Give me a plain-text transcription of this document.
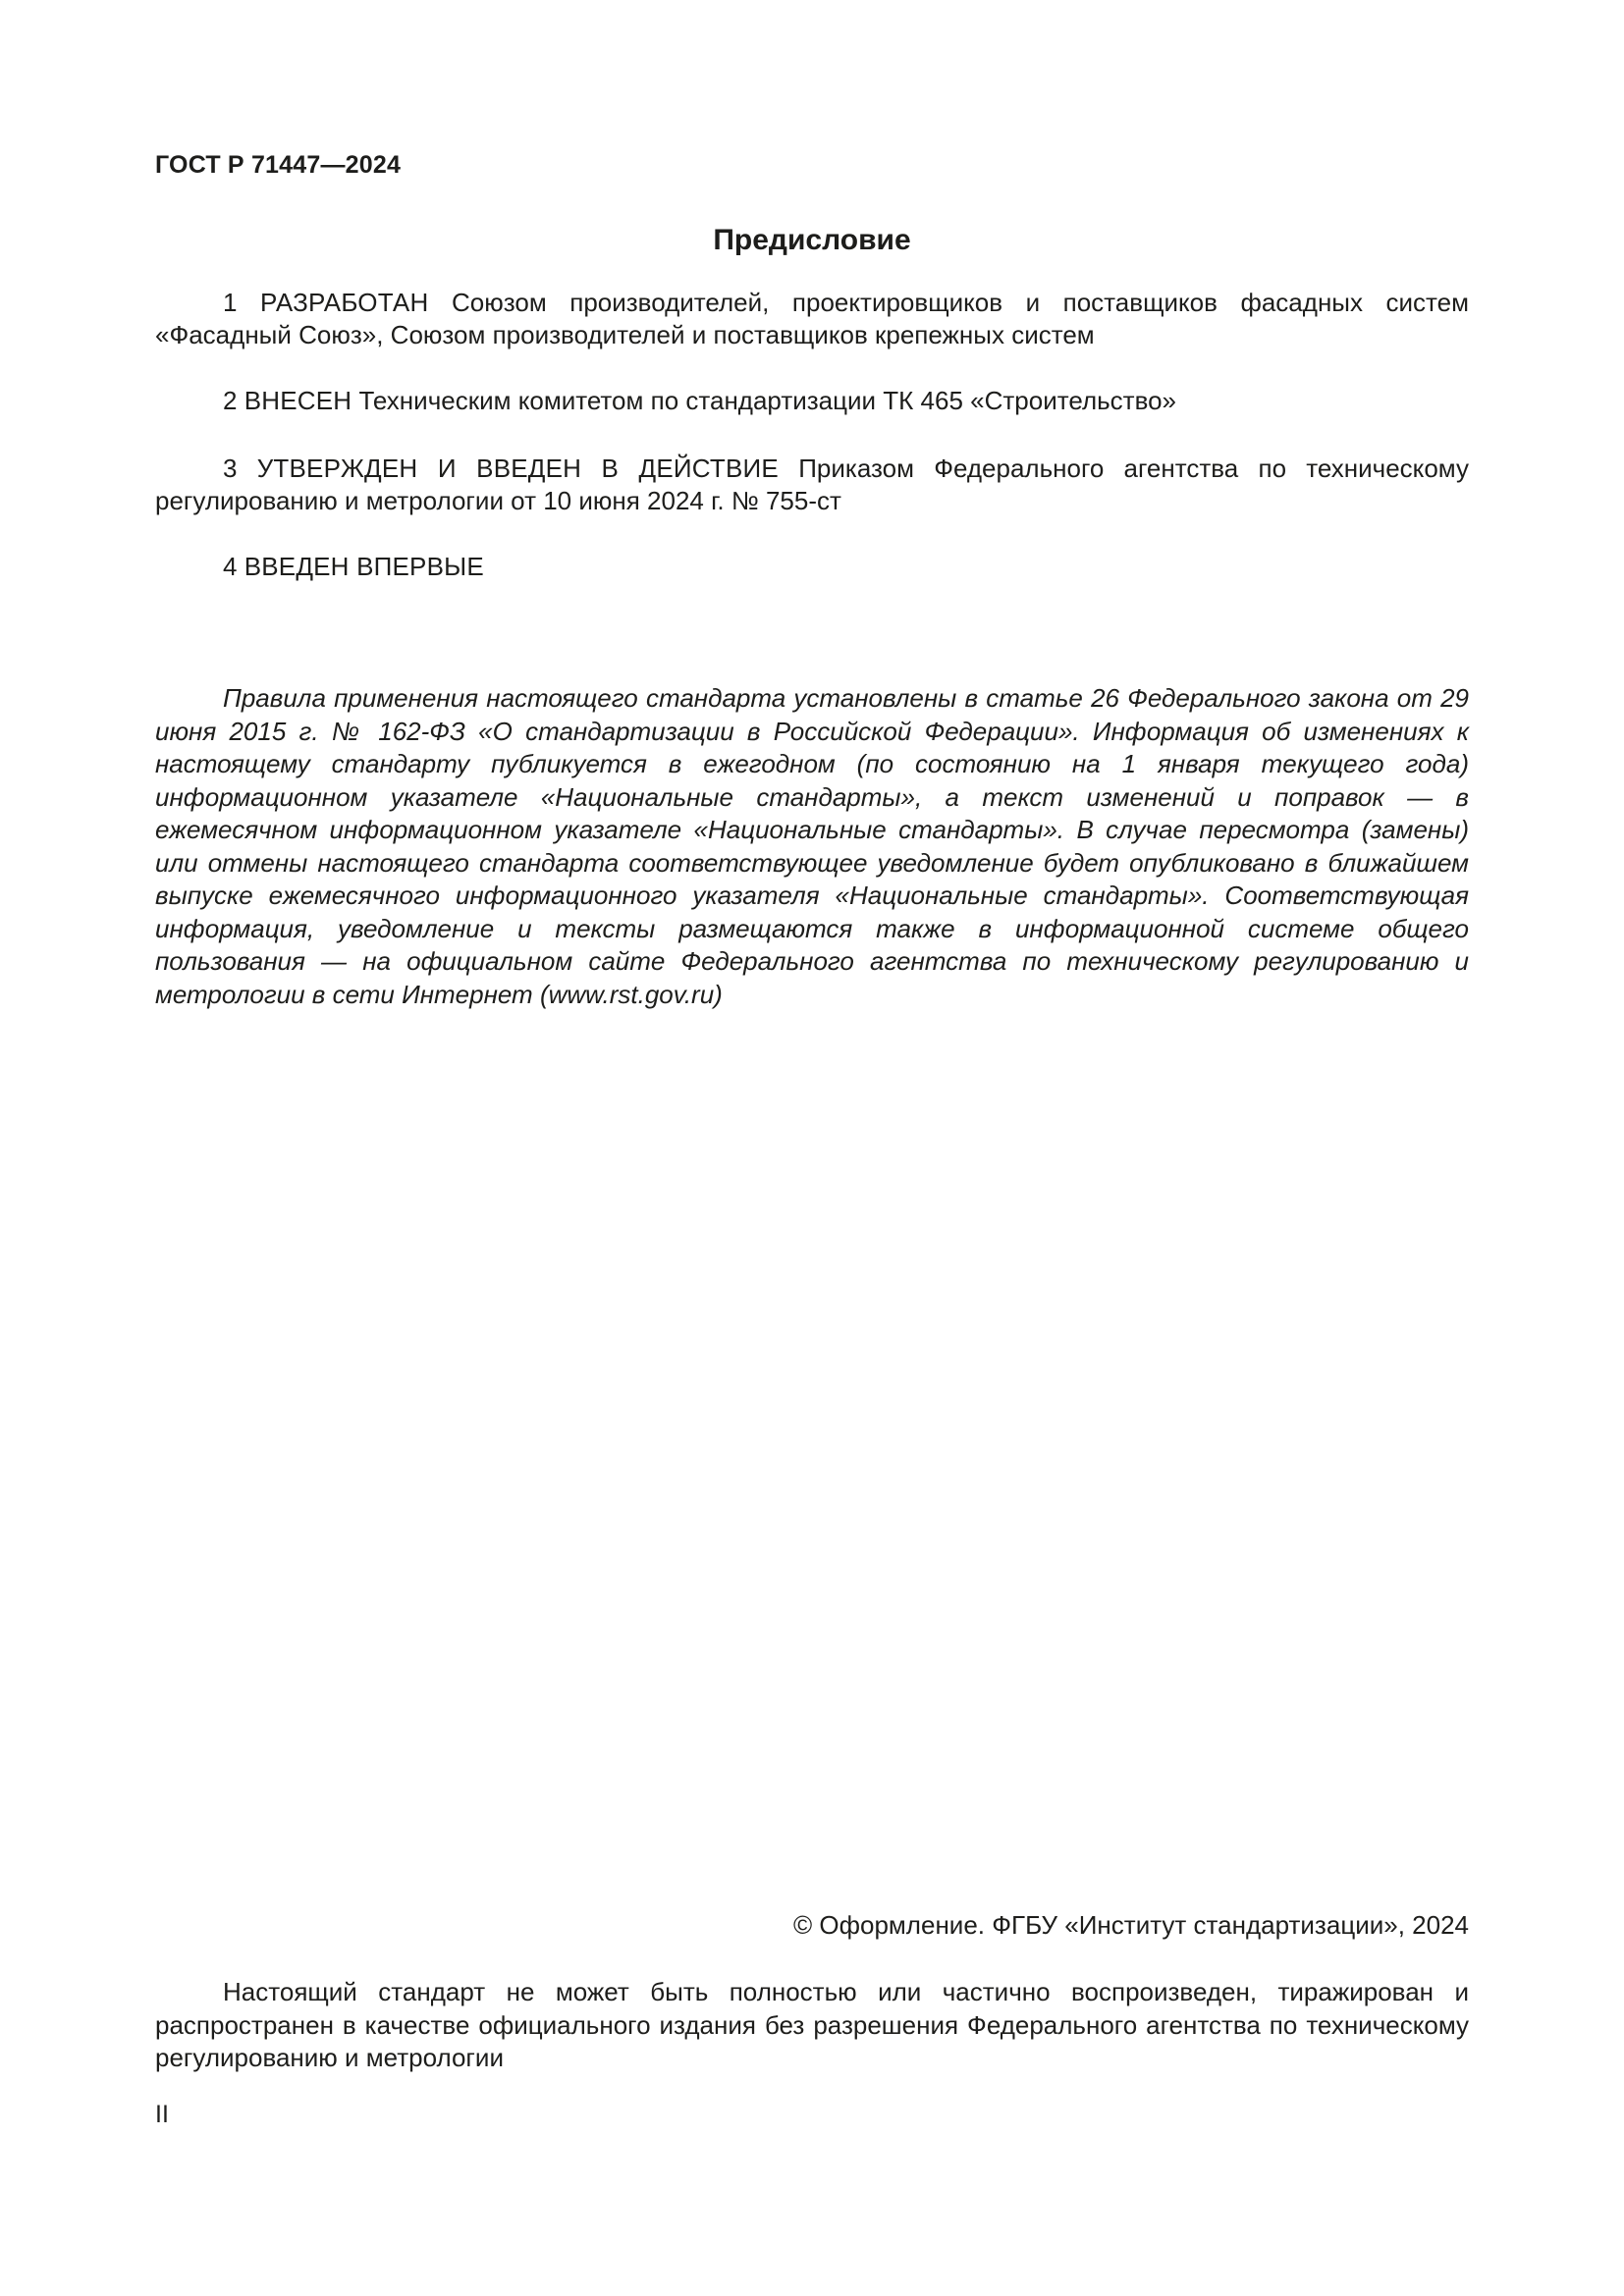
ГОСТ Р 71447—2024

Предисловие

1 РАЗРАБОТАН Союзом производителей, проектировщиков и поставщиков фасадных систем «Фасадный Союз», Союзом производителей и поставщиков крепежных систем

2 ВНЕСЕН Техническим комитетом по стандартизации ТК 465 «Строительство»

3 УТВЕРЖДЕН И ВВЕДЕН В ДЕЙСТВИЕ Приказом Федерального агентства по техническому регулированию и метрологии от 10 июня 2024 г. № 755-ст

4 ВВЕДЕН ВПЕРВЫЕ

Правила применения настоящего стандарта установлены в статье 26 Федерального закона от 29 июня 2015 г. № 162-ФЗ «О стандартизации в Российской Федерации». Информация об изменениях к настоящему стандарту публикуется в ежегодном (по состоянию на 1 января текущего года) информационном указателе «Национальные стандарты», а текст изменений и поправок — в ежемесячном информационном указателе «Национальные стандарты». В случае пересмотра (замены) или отмены настоящего стандарта соответствующее уведомление будет опубликовано в ближайшем выпуске ежемесячного информационного указателя «Национальные стандарты». Соответствующая информация, уведомление и тексты размещаются также в информационной системе общего пользования — на официальном сайте Федерального агентства по техническому регулированию и метрологии в сети Интернет (www.rst.gov.ru)

© Оформление. ФГБУ «Институт стандартизации», 2024

Настоящий стандарт не может быть полностью или частично воспроизведен, тиражирован и распространен в качестве официального издания без разрешения Федерального агентства по техническому регулированию и метрологии

II
